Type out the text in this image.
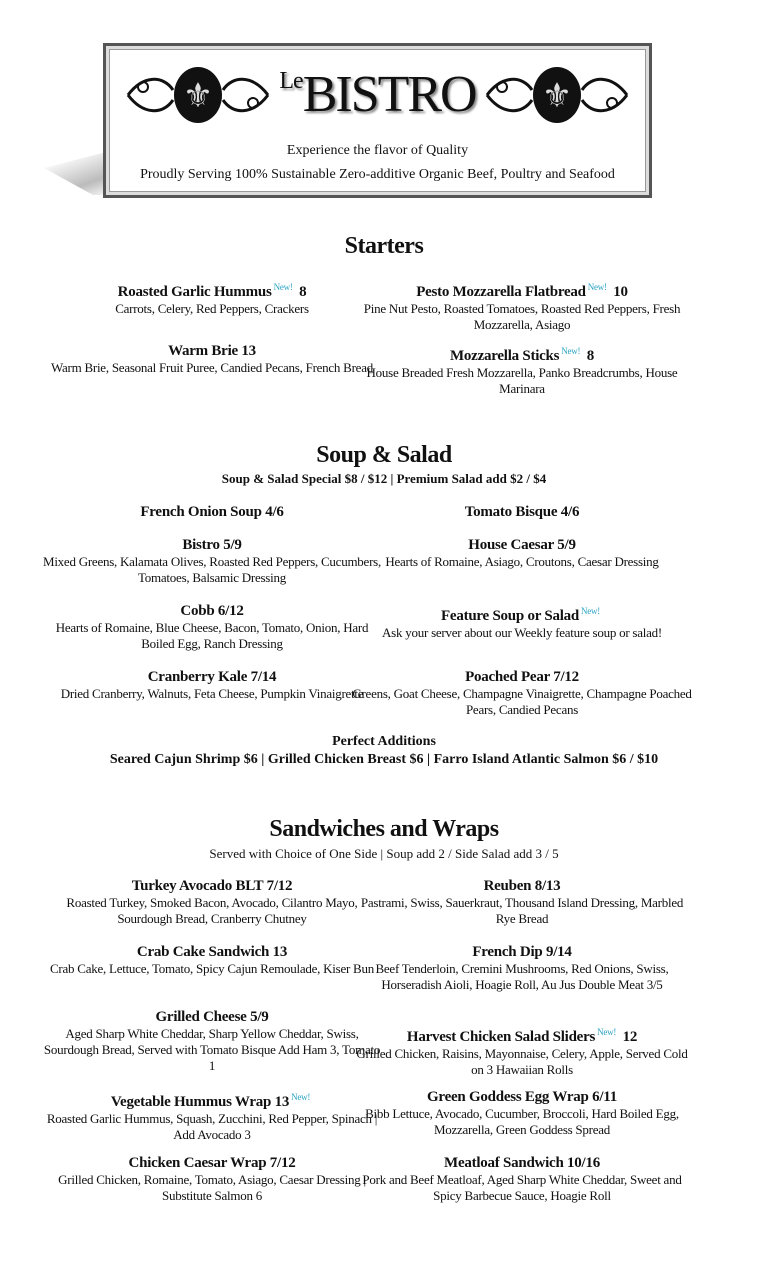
⚜	$^{Le}$BISTRO ⚜
Experience the flavor of Quality
Proudly Serving 100% Sustainable Zero-additive Organic Beef, Poultry and Seafood
Starters
Soup & Salad
Soup & Salad Special $8 / $12 | Premium Salad add $2 / $4
Perfect Additions
Seared Cajun Shrimp $6 | Grilled Chicken Breast $6 | Farro Island Atlantic Salmon $6 / $10
Sandwiches and Wraps
Served with Choice of One Side | Soup add 2 / Side Salad add 3 / 5
Roasted Garlic Hummus $^{New!}$ 8
Carrots, Celery, Red Peppers, Crackers
Pesto Mozzarella Flatbread $^{New!}$ 10
Pine Nut Pesto, Roasted Tomatoes, Roasted Red Peppers, Fresh Mozzarella, Asiago
Warm Brie 13
Warm Brie, Seasonal Fruit Puree, Candied Pecans, French Bread
Mozzarella Sticks $^{New!}$ 8
House Breaded Fresh Mozzarella, Panko Breadcrumbs, House Marinara
French Onion Soup 4/6	Tomato Bisque 4/6
Bistro 5/9
Mixed Greens, Kalamata Olives, Roasted Red Peppers, Cucumbers, Tomatoes, Balsamic Dressing
House Caesar 5/9
Hearts of Romaine, Asiago, Croutons, Caesar Dressing
Cobb 6/12
Hearts of Romaine, Blue Cheese, Bacon, Tomato, Onion, Hard Boiled Egg, Ranch Dressing
Feature Soup or Salad $^{New!}$
Ask your server about our Weekly feature soup or salad!
Cranberry Kale 7/14
Dried Cranberry, Walnuts, Feta Cheese, Pumpkin Vinaigrette
Poached Pear 7/12
Greens, Goat Cheese, Champagne Vinaigrette, Champagne Poached Pears, Candied Pecans
Turkey Avocado BLT 7/12
Roasted Turkey, Smoked Bacon, Avocado, Cilantro Mayo, Sourdough Bread, Cranberry Chutney
Reuben 8/13
Pastrami, Swiss, Sauerkraut, Thousand Island Dressing, Marbled Rye Bread
Crab Cake Sandwich 13
Crab Cake, Lettuce, Tomato, Spicy Cajun Remoulade, Kiser Bun
French Dip 9/14
Beef Tenderloin, Cremini Mushrooms, Red Onions, Swiss, Horseradish Aioli, Hoagie Roll, Au Jus Double Meat 3/5
Grilled Cheese 5/9
Aged Sharp White Cheddar, Sharp Yellow Cheddar, Swiss, Sourdough Bread, Served with Tomato Bisque Add Ham 3, Tomato 1
Harvest Chicken Salad Sliders $^{New!}$ 12
Grilled Chicken, Raisins, Mayonnaise, Celery, Apple, Served Cold on 3 Hawaiian Rolls
Vegetable Hummus Wrap 13 $^{New!}$
Roasted Garlic Hummus, Squash, Zucchini, Red Pepper, Spinach | Add Avocado 3
Green Goddess Egg Wrap 6/11
Bibb Lettuce, Avocado, Cucumber, Broccoli, Hard Boiled Egg, Mozzarella, Green Goddess Spread
Chicken Caesar Wrap 7/12
Grilled Chicken, Romaine, Tomato, Asiago, Caesar Dressing | Substitute Salmon 6
Meatloaf Sandwich 10/16
Pork and Beef Meatloaf, Aged Sharp White Cheddar, Sweet and Spicy Barbecue Sauce, Hoagie Roll
